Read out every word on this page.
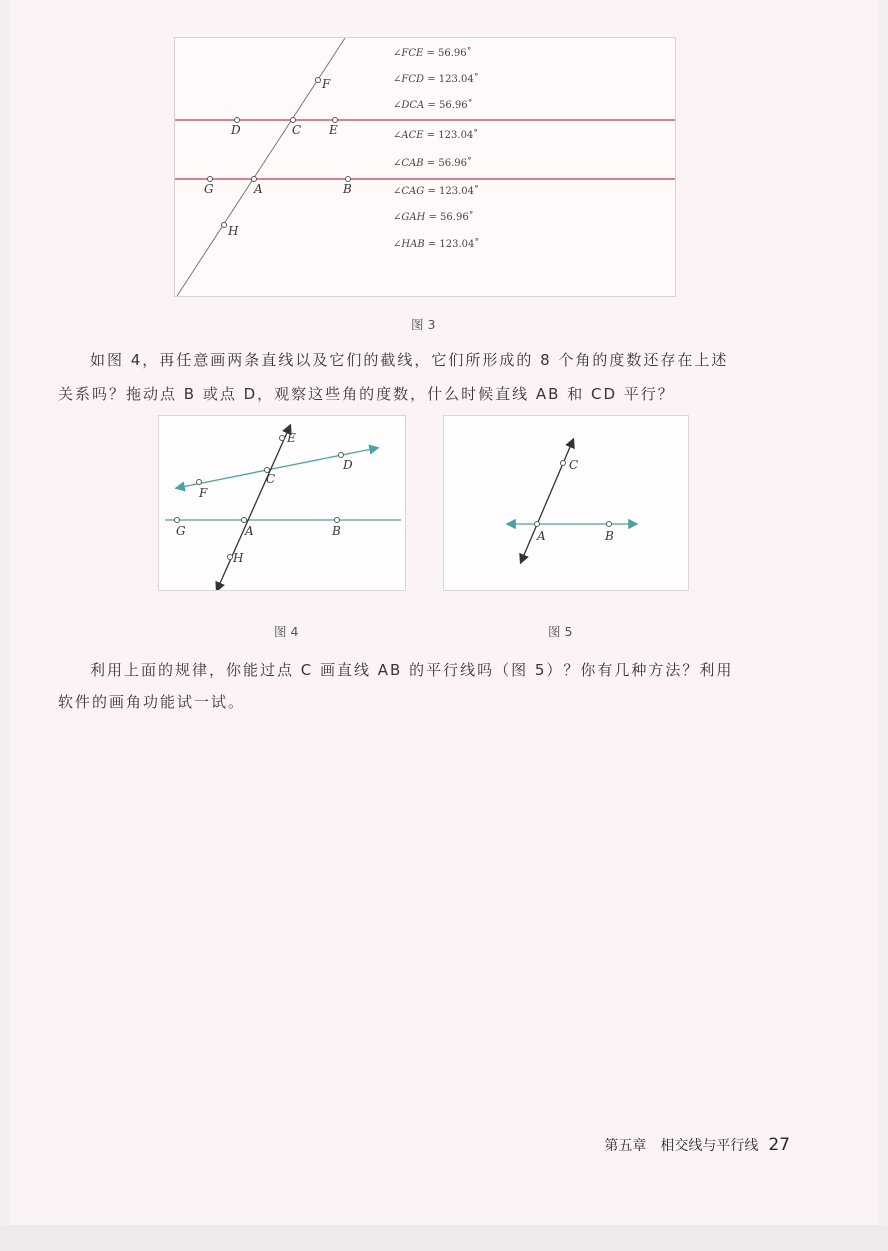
F
D	C E
G	A	B
H
∠FCE = 56.96˚
∠FCD = 123.04˚
∠DCA = 56.96˚
∠ACE = 123.04˚
∠CAB = 56.96˚
∠CAG = 123.04˚
∠GAH = 56.96˚
∠HAB = 123.04˚
图 3
如图 4，再任意画两条直线以及它们的截线，它们所形成的 8 个角的度数还存在上述
关系吗？拖动点 B 或点 D，观察这些角的度数，什么时候直线 AB 和 CD 平行？
E
C
D
F
G	A	B
H
图 4
C
A	B
图 5
利用上面的规律，你能过点 C 画直线 AB 的平行线吗（图 5）？你有几种方法？利用
软件的画角功能试一试。
第五章　相交线与平行线 27
